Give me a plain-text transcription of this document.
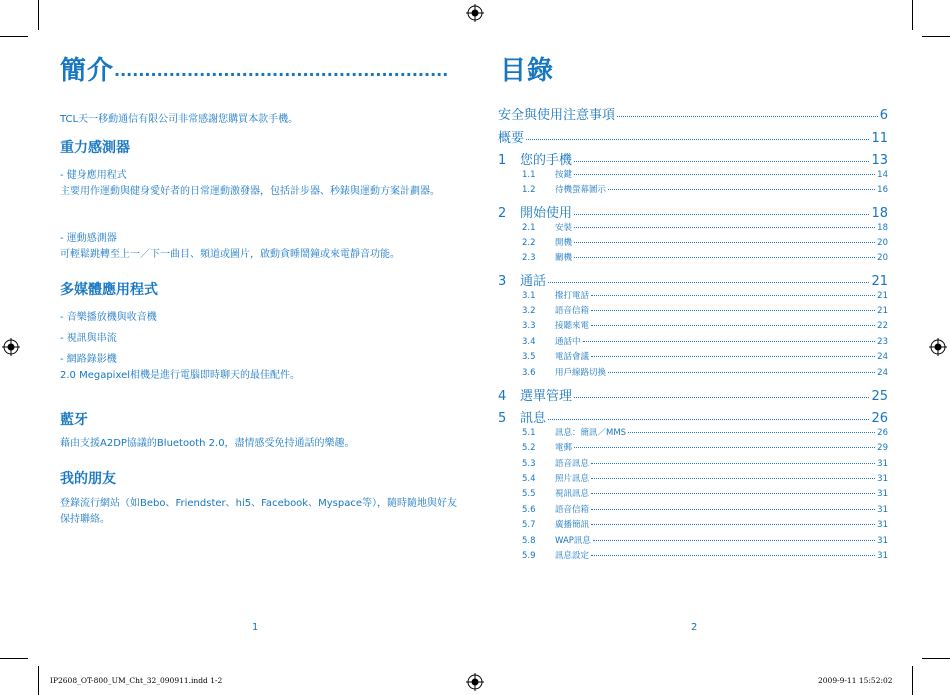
簡介.......................................................
TCL天一移動通信有限公司非常感謝您購買本款手機。
重力感測器
- 健身應用程式
主要用作運動與健身愛好者的日常運動激發器，包括計步器、秒錶與運動方案計劃器。
- 運動感測器
可輕鬆跳轉至上一／下一曲目、頻道或圖片，啟動貪睡鬧鐘或來電靜音功能。
多媒體應用程式
- 音樂播放機與收音機
- 視訊與串流
- 網路錄影機
2.0 Megapixel相機是進行電腦即時聊天的最佳配件。
藍牙
藉由支援A2DP協議的Bluetooth 2.0，盡情感受免持通話的樂趣。
我的朋友
登錄流行網站（如Bebo、Friendster、hi5、Facebook、Myspace等），隨時隨地與好友保持聯絡。
1
目錄
安全與使用注意事項	6
概要	11
1	您的手機	13
1.1	按鍵	14
1.2	待機螢幕圖示	16
2	開始使用	18
2.1	安裝	18
2.2	開機	20
2.3	關機	20
3	通話	21
3.1	撥打電話	21
3.2	語音信箱	21
3.3	接聽來電	22
3.4	通話中	23
3.5	電話會議	24
3.6	用戶線路切換	24
4	選單管理	25
5	訊息	26
5.1	訊息：簡訊／MMS	26
5.2	電郵	29
5.3	語音訊息	31
5.4	照片訊息	31
5.5	視訊訊息	31
5.6	語音信箱	31
5.7	廣播簡訊	31
5.8	WAP訊息	31
5.9	訊息設定	31
2
IP2608_OT-800_UM_Cht_32_090911.indd 1-2	2009-9-11 15:52:02
